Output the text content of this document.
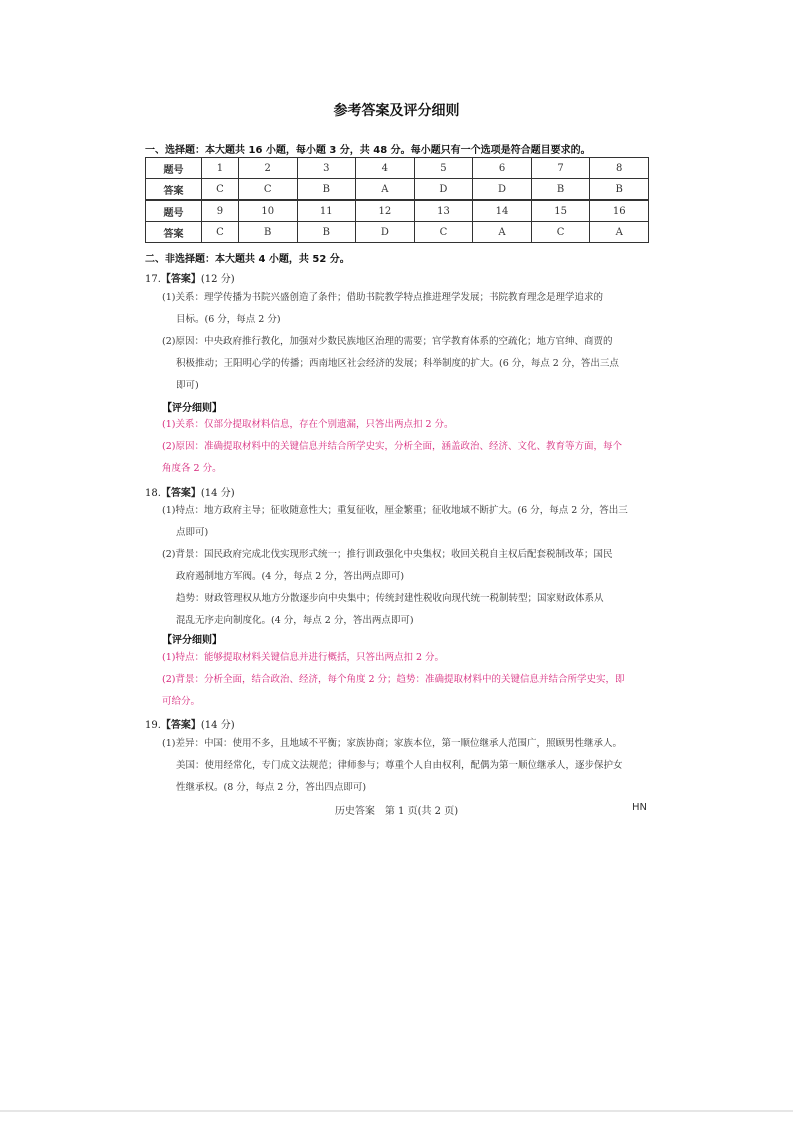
参考答案及评分细则
一、选择题：本大题共 16 小题，每小题 3 分，共 48 分。每小题只有一个选项是符合题目要求的。
题号	1	2	3	4	5	6	7	8
答案	C	C	B	A	D	D	B	B
题号	9	10	11	12	13	14	15	16
答案	C	B	B	D	C	A	C	A
二、非选择题：本大题共 4 小题，共 52 分。
17.【答案】(12 分)
(1)关系：理学传播为书院兴盛创造了条件；借助书院教学特点推进理学发展；书院教育理念是理学追求的
目标。(6 分，每点 2 分)
(2)原因：中央政府推行教化，加强对少数民族地区治理的需要；官学教育体系的空疏化；地方官绅、商贾的
积极推动；王阳明心学的传播；西南地区社会经济的发展；科举制度的扩大。(6 分，每点 2 分，答出三点
即可)
【评分细则】
(1)关系：仅部分提取材料信息，存在个别遗漏，只答出两点扣 2 分。
(2)原因：准确提取材料中的关键信息并结合所学史实，分析全面，涵盖政治、经济、文化、教育等方面，每个
角度各 2 分。
18.【答案】(14 分)
(1)特点：地方政府主导；征收随意性大；重复征收，厘金繁重；征收地域不断扩大。(6 分，每点 2 分，答出三
点即可)
(2)背景：国民政府完成北伐实现形式统一；推行训政强化中央集权；收回关税自主权后配套税制改革；国民
政府遏制地方军阀。(4 分，每点 2 分，答出两点即可)
趋势：财政管理权从地方分散逐步向中央集中；传统封建性税收向现代统一税制转型；国家财政体系从
混乱无序走向制度化。(4 分，每点 2 分，答出两点即可)
【评分细则】
(1)特点：能够提取材料关键信息并进行概括，只答出两点扣 2 分。
(2)背景：分析全面，结合政治、经济，每个角度 2 分；趋势：准确提取材料中的关键信息并结合所学史实，即
可给分。
19.【答案】(14 分)
(1)差异：中国：使用不多，且地域不平衡；家族协商；家族本位，第一顺位继承人范围广，照顾男性继承人。
美国：使用经常化，专门成文法规范；律师参与；尊重个人自由权利，配偶为第一顺位继承人，逐步保护女
性继承权。(8 分，每点 2 分，答出四点即可)
历史答案　第 1 页(共 2 页)	HN
